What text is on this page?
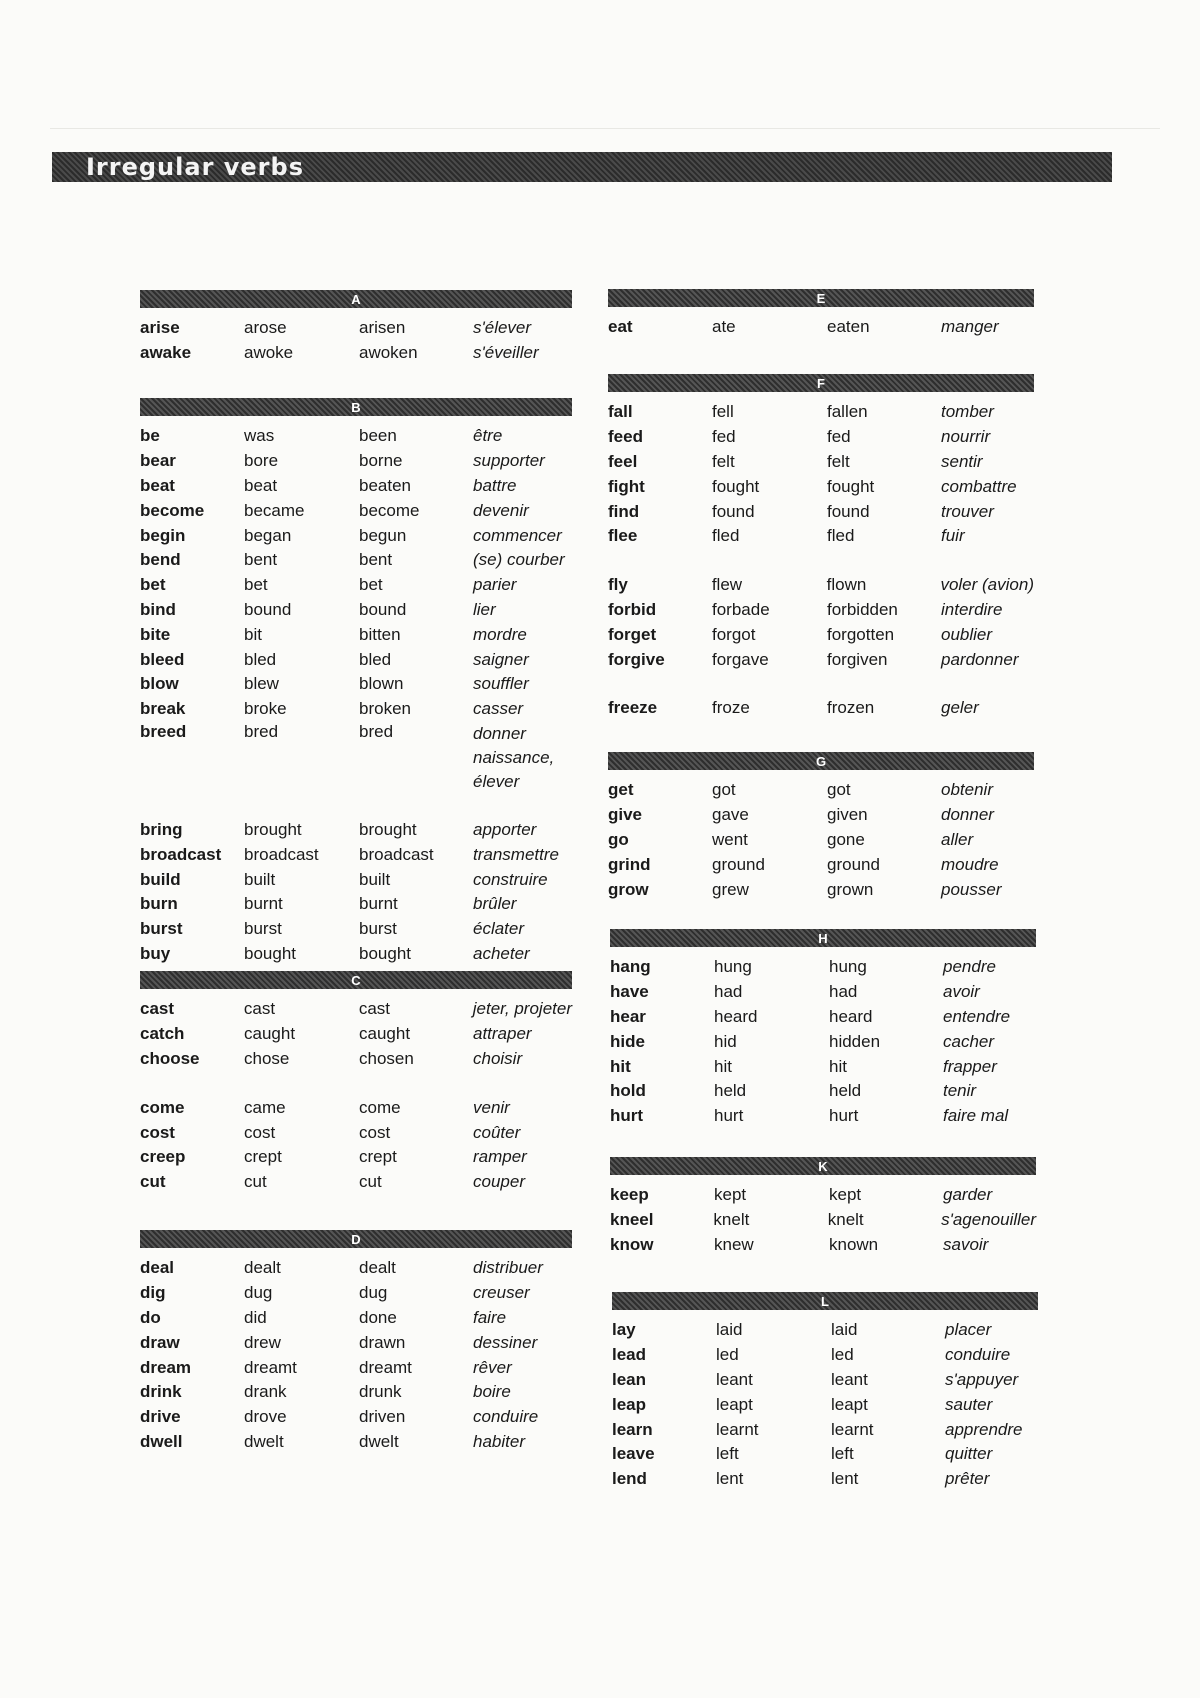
Irregular verbs
A
arise	arose	arisen	s'élever
awake	awoke	awoken	s'éveiller
B
be	was	been	être
bear	bore	borne	supporter
beat	beat	beaten	battre
become	became	become	devenir
begin	began	begun	commencer
bend	bent	bent	(se) courber
bet	bet	bet	parier
bind	bound	bound	lier
bite	bit	bitten	mordre
bleed	bled	bled	saigner
blow	blew	blown	souffler
break	broke	broken	casser
breed	bred	bred	donner naissance, élever
bring	brought	brought	apporter
broadcast	broadcast	broadcast	transmettre
build	built	built	construire
burn	burnt	burnt	brûler
burst	burst	burst	éclater
buy	bought	bought	acheter
C
cast	cast	cast	jeter, projeter
catch	caught	caught	attraper
choose	chose	chosen	choisir
come	came	come	venir
cost	cost	cost	coûter
creep	crept	crept	ramper
cut	cut	cut	couper
D
deal	dealt	dealt	distribuer
dig	dug	dug	creuser
do	did	done	faire
draw	drew	drawn	dessiner
dream	dreamt	dreamt	rêver
drink	drank	drunk	boire
drive	drove	driven	conduire
dwell	dwelt	dwelt	habiter
E
eat	ate	eaten	manger
F
fall	fell	fallen	tomber
feed	fed	fed	nourrir
feel	felt	felt	sentir
fight	fought	fought	combattre
find	found	found	trouver
flee	fled	fled	fuir
fly	flew	flown	voler (avion)
forbid	forbade	forbidden	interdire
forget	forgot	forgotten	oublier
forgive	forgave	forgiven	pardonner
freeze	froze	frozen	geler
G
get	got	got	obtenir
give	gave	given	donner
go	went	gone	aller
grind	ground	ground	moudre
grow	grew	grown	pousser
H
hang	hung	hung	pendre
have	had	had	avoir
hear	heard	heard	entendre
hide	hid	hidden	cacher
hit	hit	hit	frapper
hold	held	held	tenir
hurt	hurt	hurt	faire mal
K
keep	kept	kept	garder
kneel	knelt	knelt	s'agenouiller
know	knew	known	savoir
L
lay	laid	laid	placer
lead	led	led	conduire
lean	leant	leant	s'appuyer
leap	leapt	leapt	sauter
learn	learnt	learnt	apprendre
leave	left	left	quitter
lend	lent	lent	prêter
